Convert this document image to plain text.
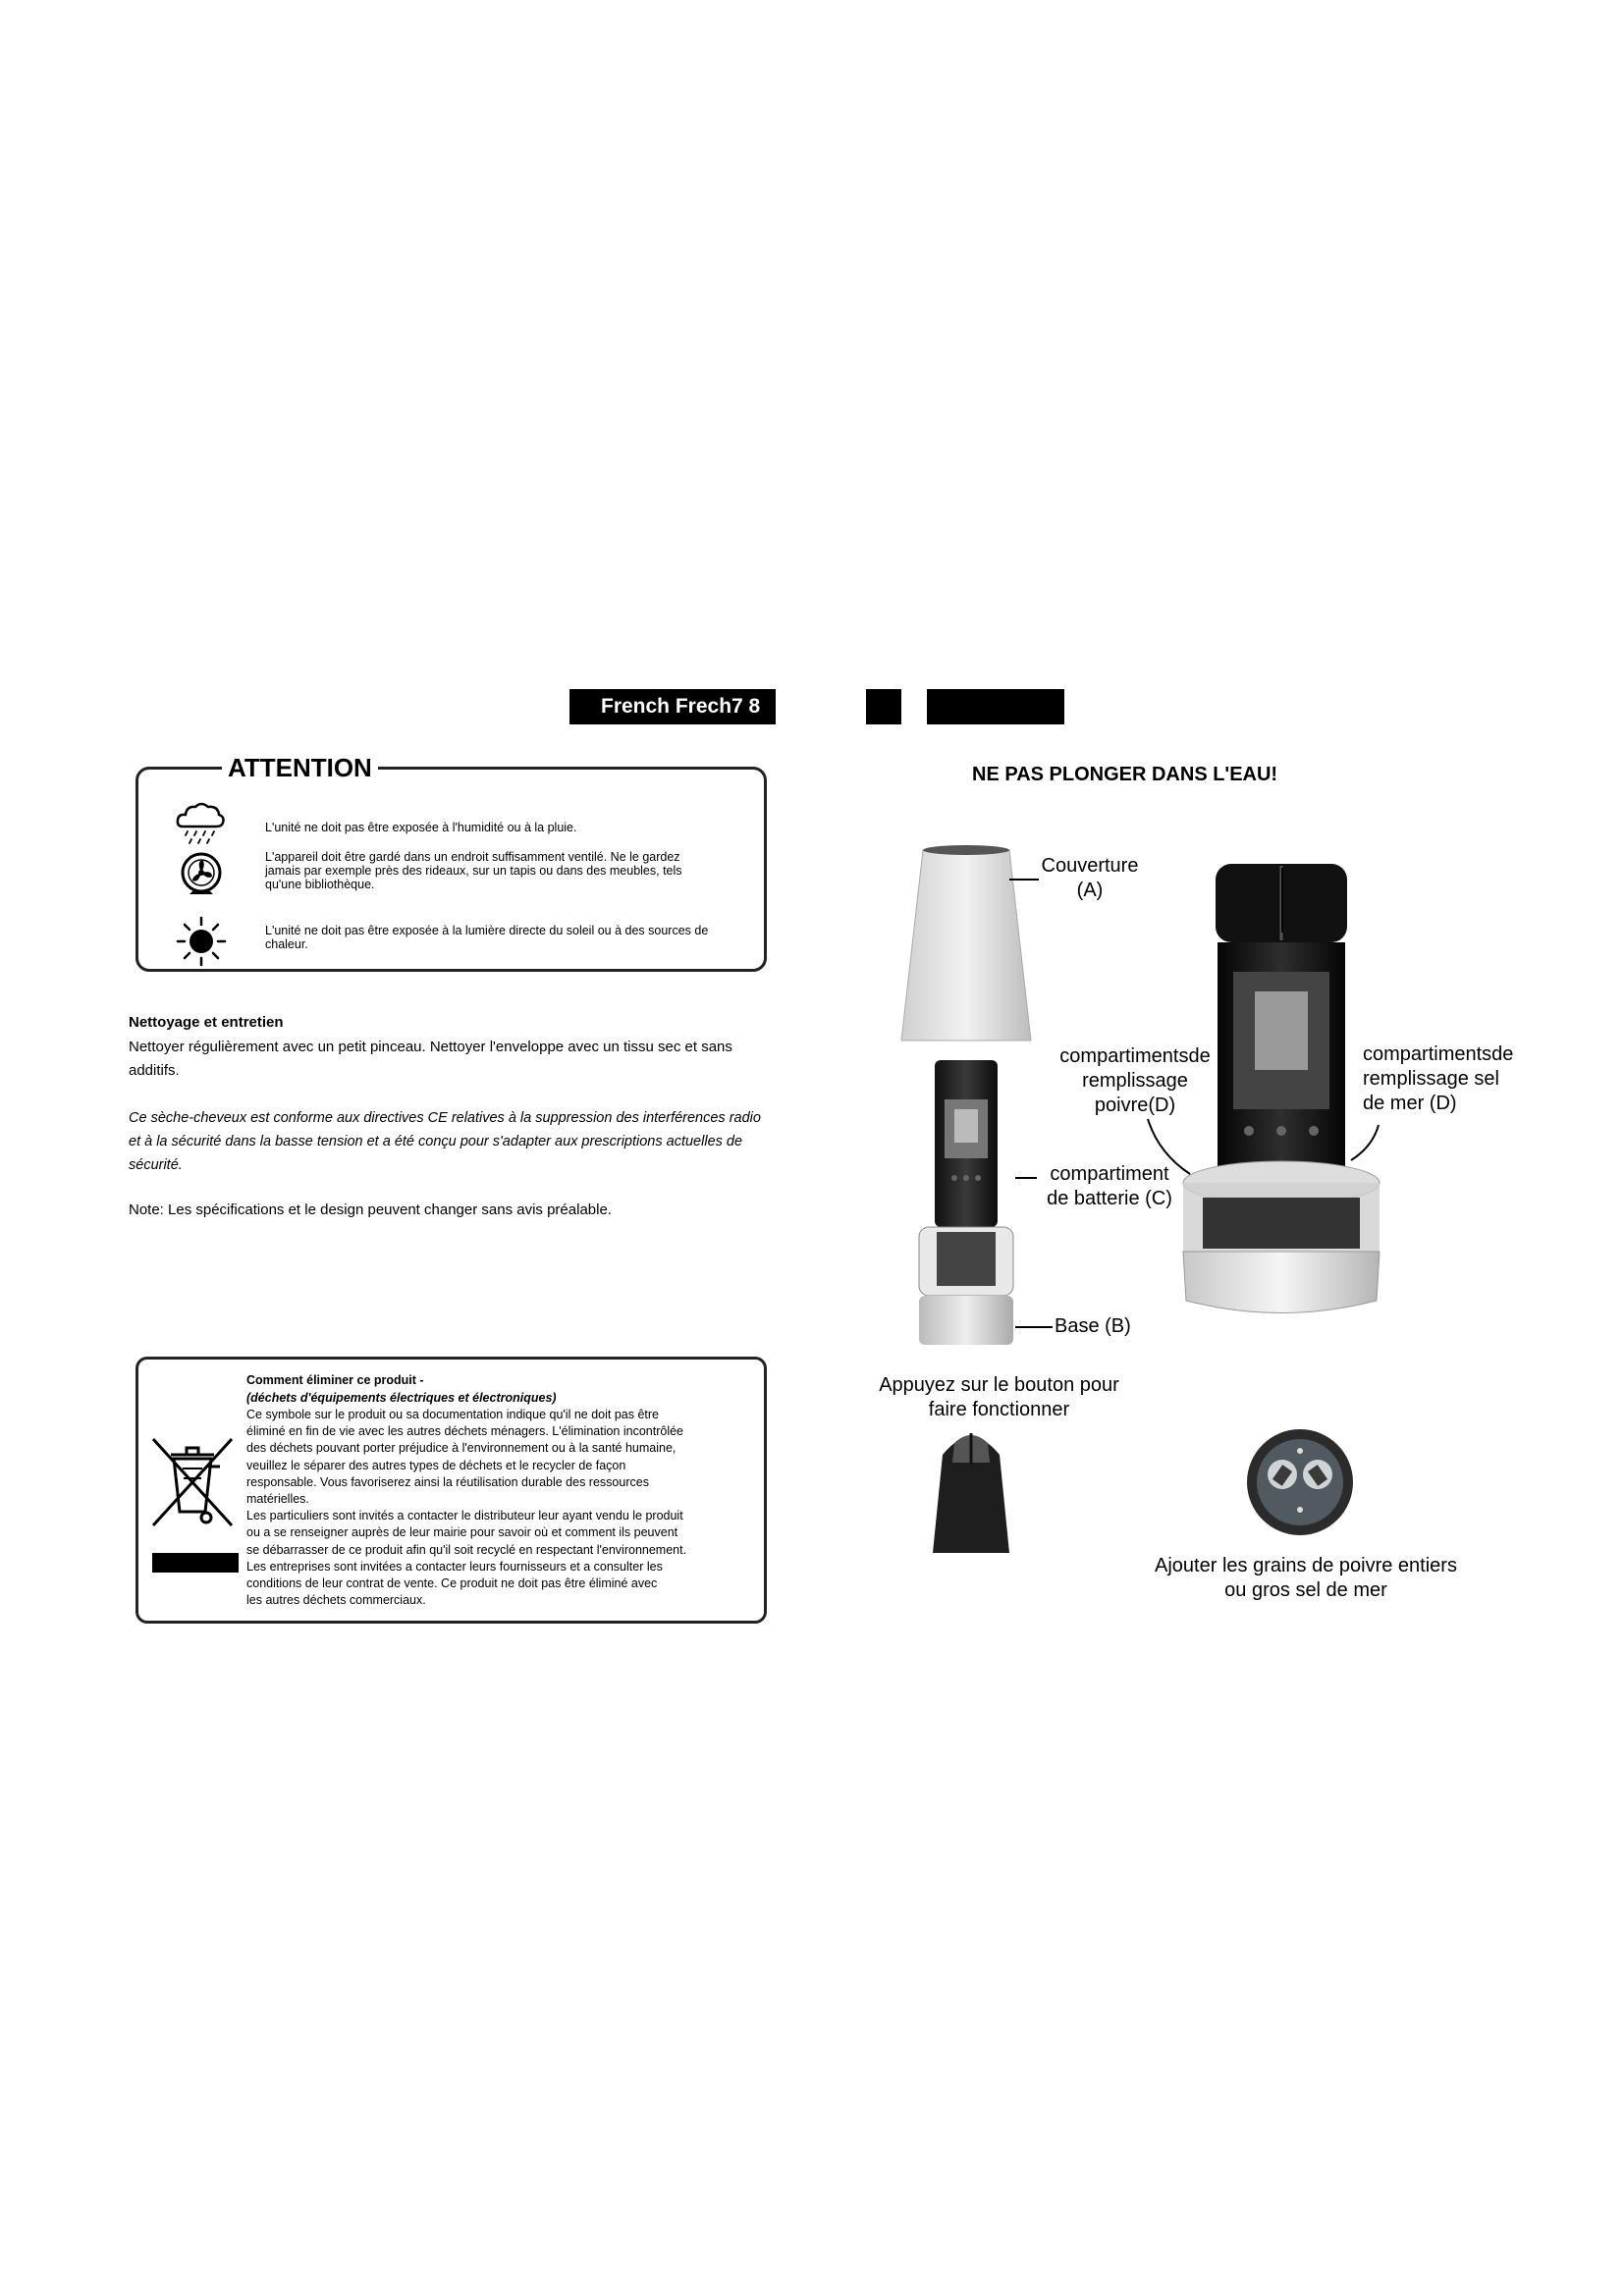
French Frech7 8
ATTENTION
L'unité ne doit pas être exposée à l'humidité ou à la pluie.
L'appareil doit être gardé dans un endroit suffisamment ventilé. Ne le gardez jamais par exemple près des rideaux, sur un tapis ou dans des meubles, tels qu'une bibliothèque.
L'unité ne doit pas être exposée à la lumière directe du soleil ou à des sources de chaleur.
Nettoyage et entretien
Nettoyer régulièrement avec un petit pinceau. Nettoyer l'enveloppe avec un tissu sec et sans additifs.
Ce sèche-cheveux est conforme aux directives CE relatives à la suppression des interférences radio et à la sécurité dans la basse tension et a été conçu pour s'adapter aux prescriptions actuelles de sécurité.
Note: Les spécifications et le design peuvent changer sans avis préalable.
Comment éliminer ce produit -
(déchets d'équipements électriques et électroniques)
Ce symbole sur le produit ou sa documentation indique qu'il ne doit pas être
éliminé en fin de vie avec les autres déchets ménagers. L'élimination incontrôlée
des déchets pouvant porter préjudice à l'environnement ou à la santé humaine,
veuillez le séparer des autres types de déchets et le recycler de façon
responsable. Vous favoriserez ainsi la réutilisation durable des ressources
matérielles.
Les particuliers sont invités a contacter le distributeur leur ayant vendu le produit
ou a se renseigner auprès de leur mairie pour savoir où et comment ils peuvent
se débarrasser de ce produit afin qu'il soit recyclé en respectant l'environnement.
Les entreprises sont invitées a contacter leurs fournisseurs et a consulter les
conditions de leur contrat de vente. Ce produit ne doit pas être éliminé avec
les autres déchets commerciaux.
NE PAS PLONGER DANS L'EAU!
Couverture
(A)
compartimentsde
remplissage
poivre(D)
compartimentsde
remplissage sel
de mer (D)
compartiment
de batterie (C)
Base (B)
Appuyez sur le bouton pour
faire fonctionner
Ajouter les grains de poivre entiers
ou gros sel de mer
